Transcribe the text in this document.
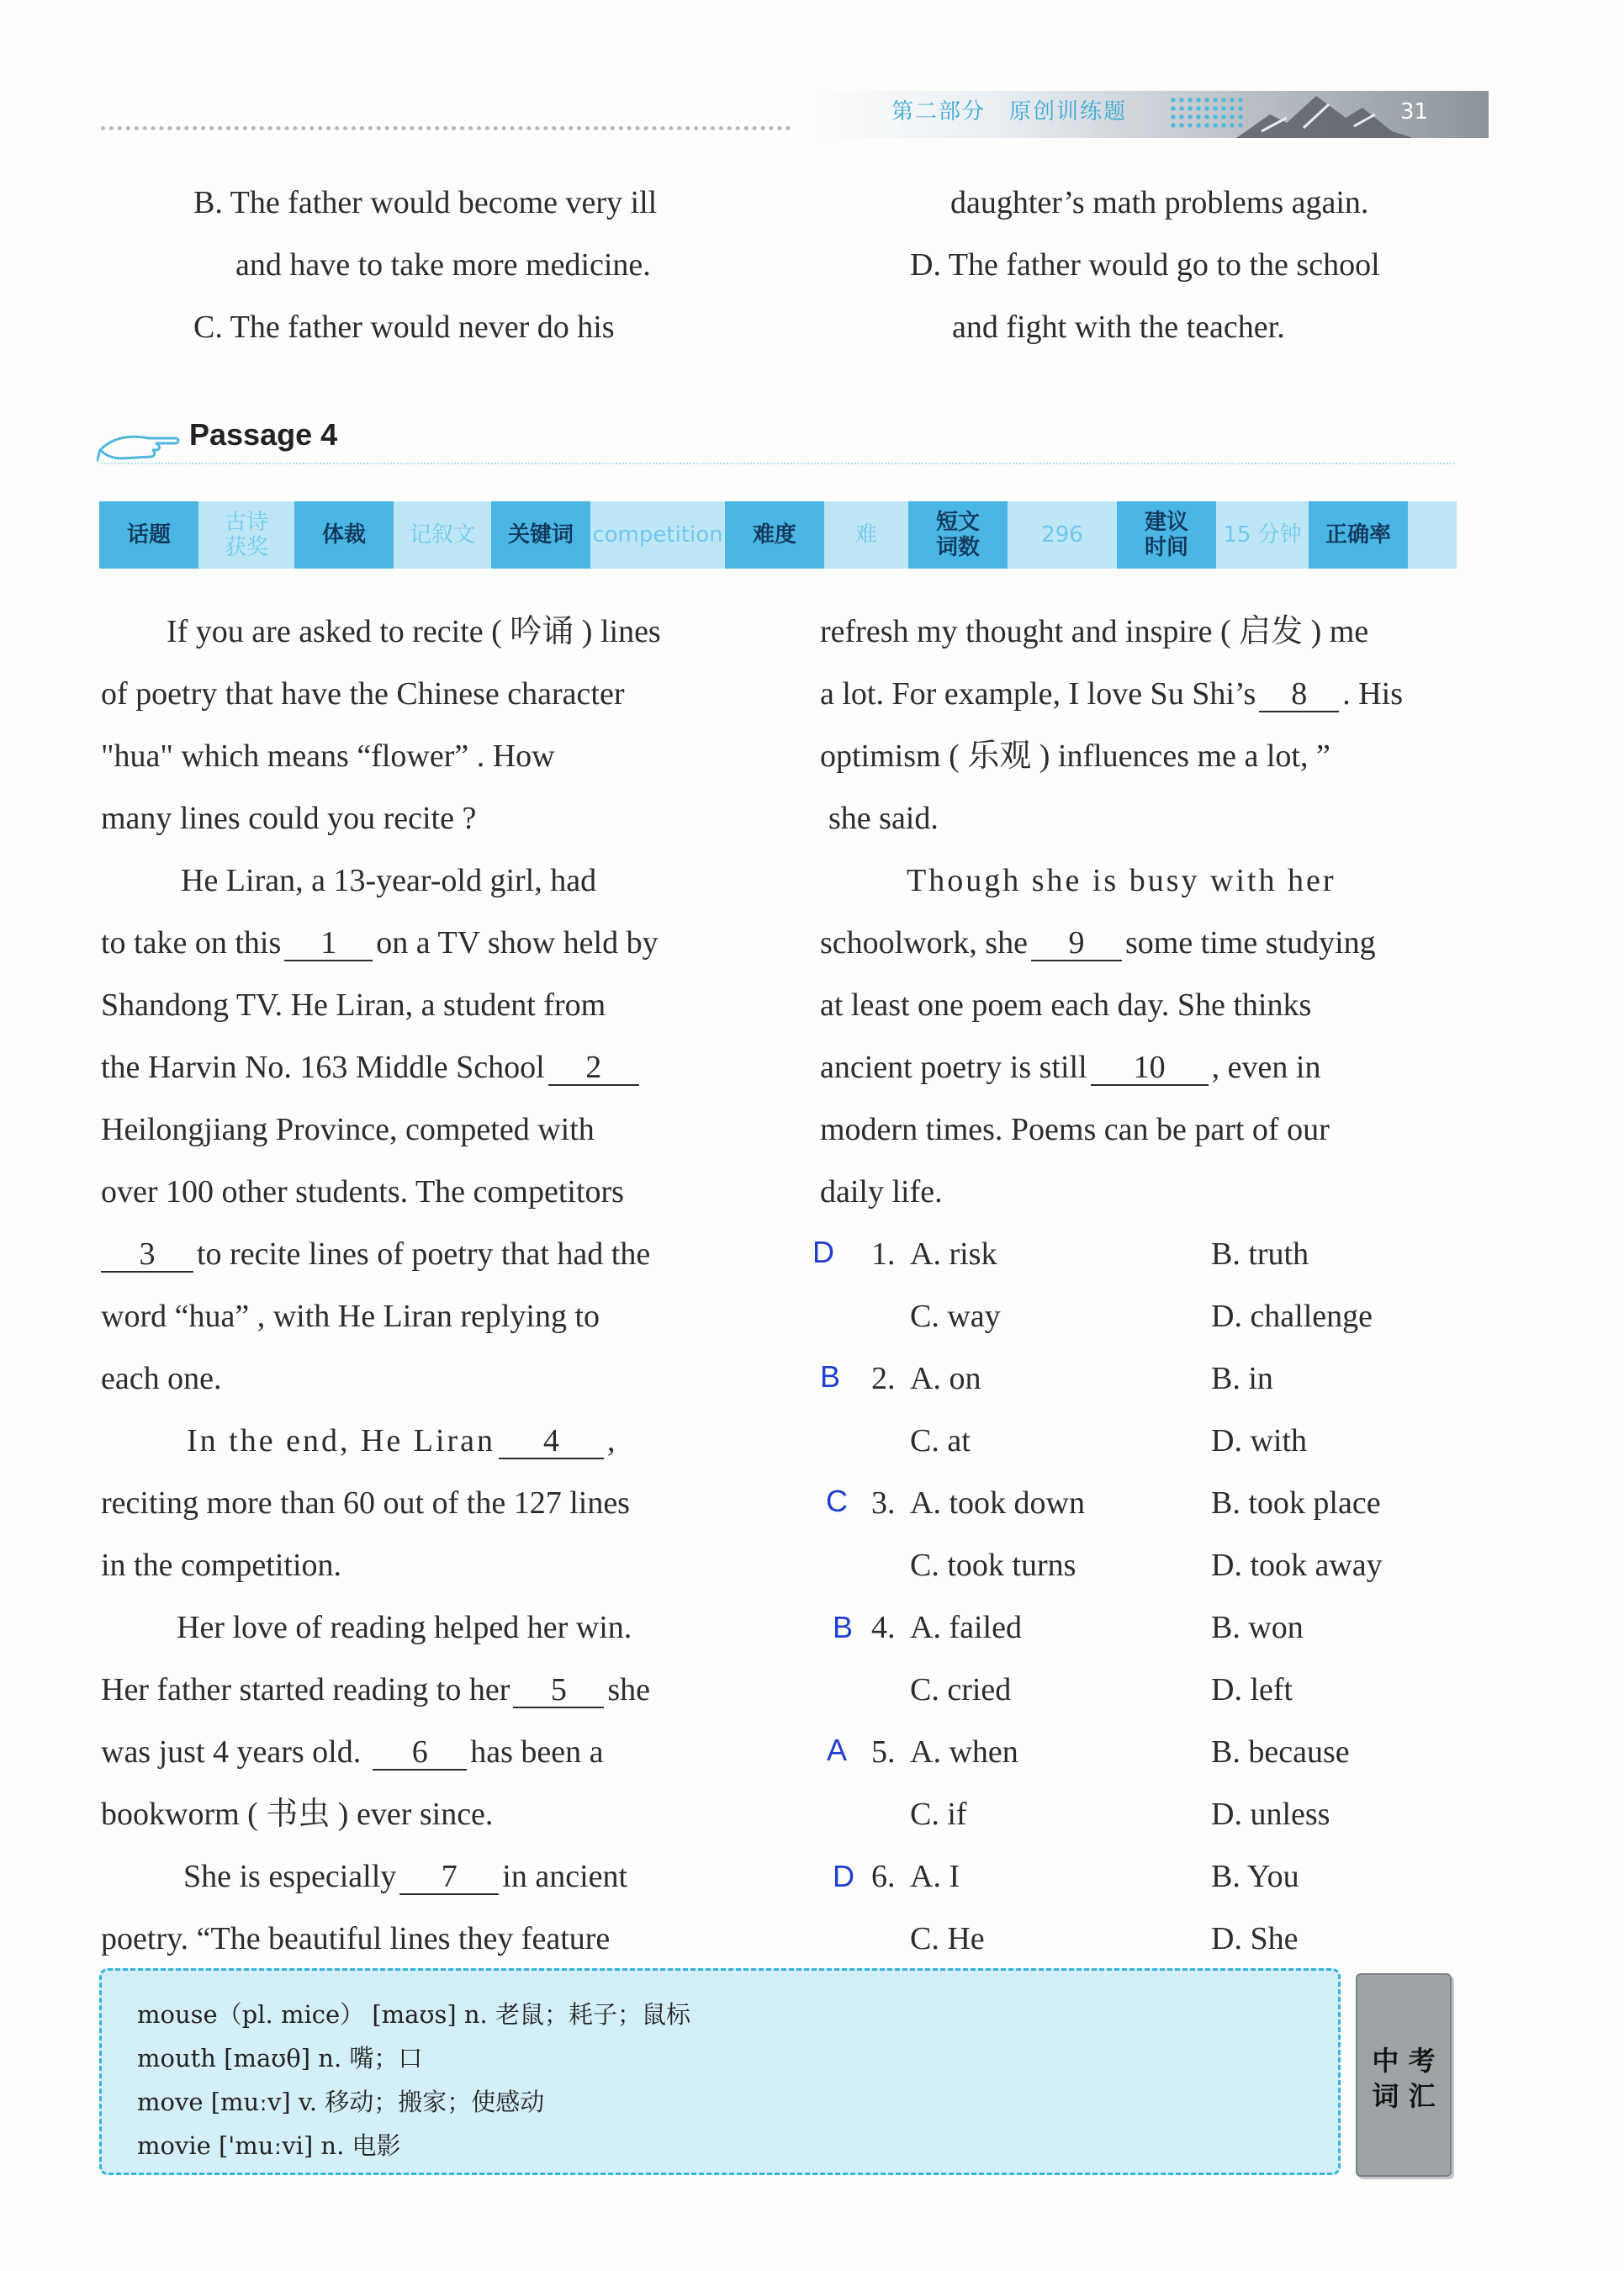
第二部分　原创训练题	31
B. The father would become very ill
and have to take more medicine.
C. The father would never do his
daughter’s math problems again.
D. The father would go to the school
and fight with the teacher.
Passage 4
话题	古诗
获奖	体裁	记叙文	关键词 competition	难度	难	短文
词数	296	建议
时间	15 分钟	正确率
If you are asked to recite ( 吟诵 ) lines
of poetry that have the Chinese character
"hua" which means “flower” . How
many lines could you recite ?
He Liran, a 13-year-old girl, had
to take on this 1 on a TV show held by
Shandong TV. He Liran, a student from
the Harvin No. 163 Middle School 2
Heilongjiang Province, competed with
over 100 other students. The competitors
3 to recite lines of poetry that had the
word “hua” , with He Liran replying to
each one.
In the end, He Liran 4 ,
reciting more than 60 out of the 127 lines
in the competition.
Her love of reading helped her win.
Her father started reading to her 5 she
was just 4 years old. 6 has been a
bookworm ( 书虫 ) ever since.
She is especially 7 in ancient
poetry. “The beautiful lines they feature
refresh my thought and inspire ( 启发 ) me
a lot. For example, I love Su Shi’s 8 . His
optimism ( 乐观 ) influences me a lot, ”
she said.
Though she is busy with her
schoolwork, she 9 some time studying
at least one poem each day. She thinks
ancient poetry is still 10 , even in
modern times. Poems can be part of our
daily life.
D 1. A. risk	B. truth
C. way	D. challenge
B 2. A. on	B. in
C. at	D. with
C 3. A. took down	B. took place
C. took turns	D. took away
B 4. A. failed	B. won
C. cried	D. left
A 5. A. when	B. because
C. if	D. unless
D 6. A. I	B. You
C. He	D. She
mouse（pl. mice） [maʊs] n. 老鼠；耗子；鼠标
mouth [maʊθ] n. 嘴；口
move [muːv] v. 移动；搬家；使感动
movie ['muːvi] n. 电影
中 考
词 汇
